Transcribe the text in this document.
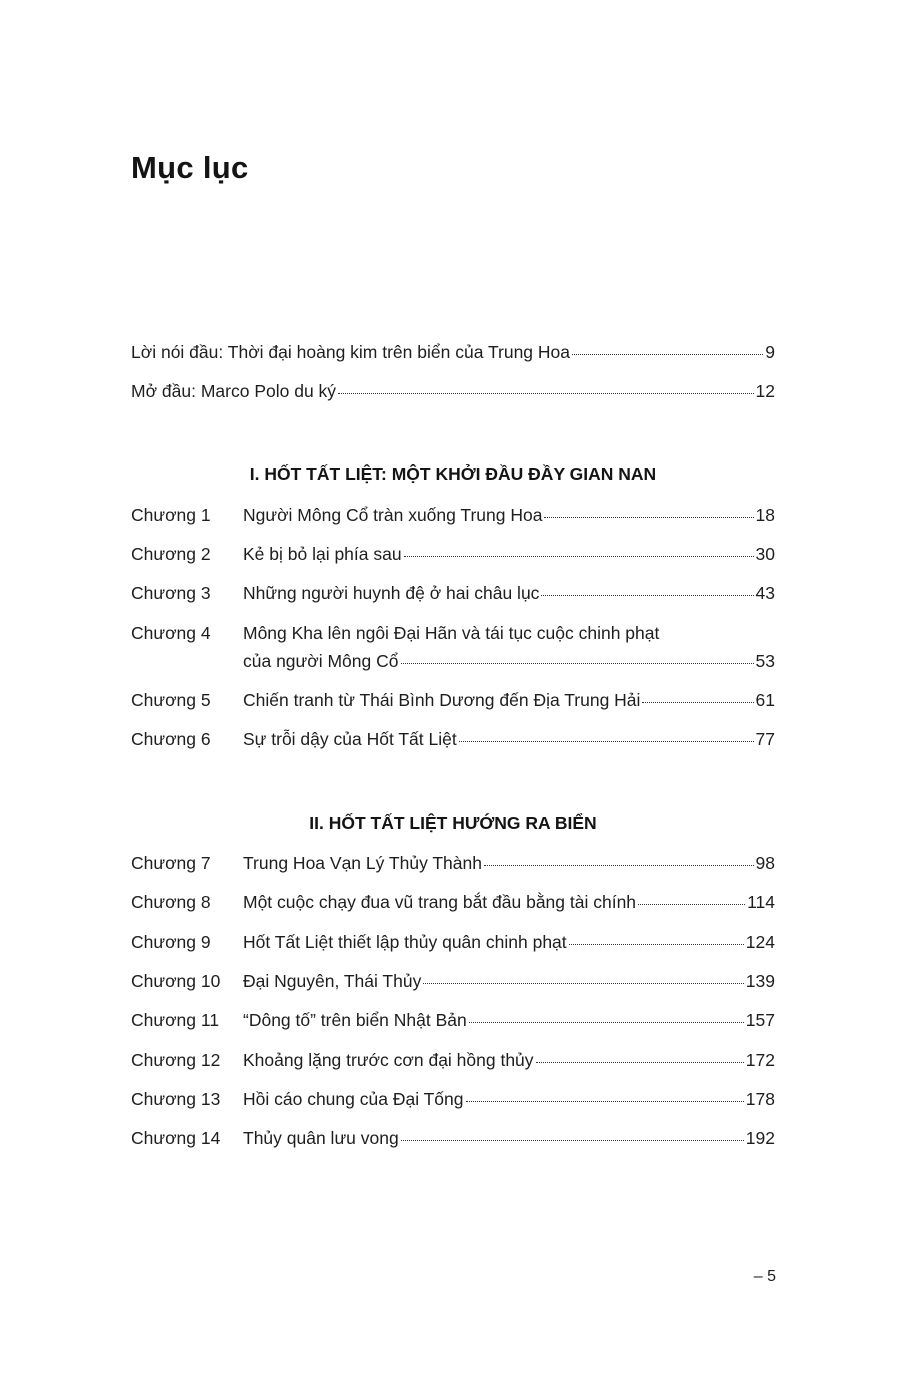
Mục lục
Lời nói đầu: Thời đại hoàng kim trên biển của Trung Hoa	9
Mở đầu: Marco Polo du ký	12
I. HỐT TẤT LIỆT: MỘT KHỞI ĐẦU ĐẦY GIAN NAN
Chương 1	Người Mông Cổ tràn xuống Trung Hoa	18
Chương 2	Kẻ bị bỏ lại phía sau	30
Chương 3	Những người huynh đệ ở hai châu lục	43
Chương 4	Mông Kha lên ngôi Đại Hãn và tái tục cuộc chinh phạt
của người Mông Cổ	53
Chương 5	Chiến tranh từ Thái Bình Dương đến Địa Trung Hải	61
Chương 6	Sự trỗi dậy của Hốt Tất Liệt	77
II. HỐT TẤT LIỆT HƯỚNG RA BIỂN
Chương 7	Trung Hoa Vạn Lý Thủy Thành	98
Chương 8	Một cuộc chạy đua vũ trang bắt đầu bằng tài chính	114
Chương 9	Hốt Tất Liệt thiết lập thủy quân chinh phạt	124
Chương 10	Đại Nguyên, Thái Thủy	139
Chương 11	“Dông tố” trên biển Nhật Bản	157
Chương 12	Khoảng lặng trước cơn đại hồng thủy	172
Chương 13	Hồi cáo chung của Đại Tống	178
Chương 14	Thủy quân lưu vong	192
– 5
